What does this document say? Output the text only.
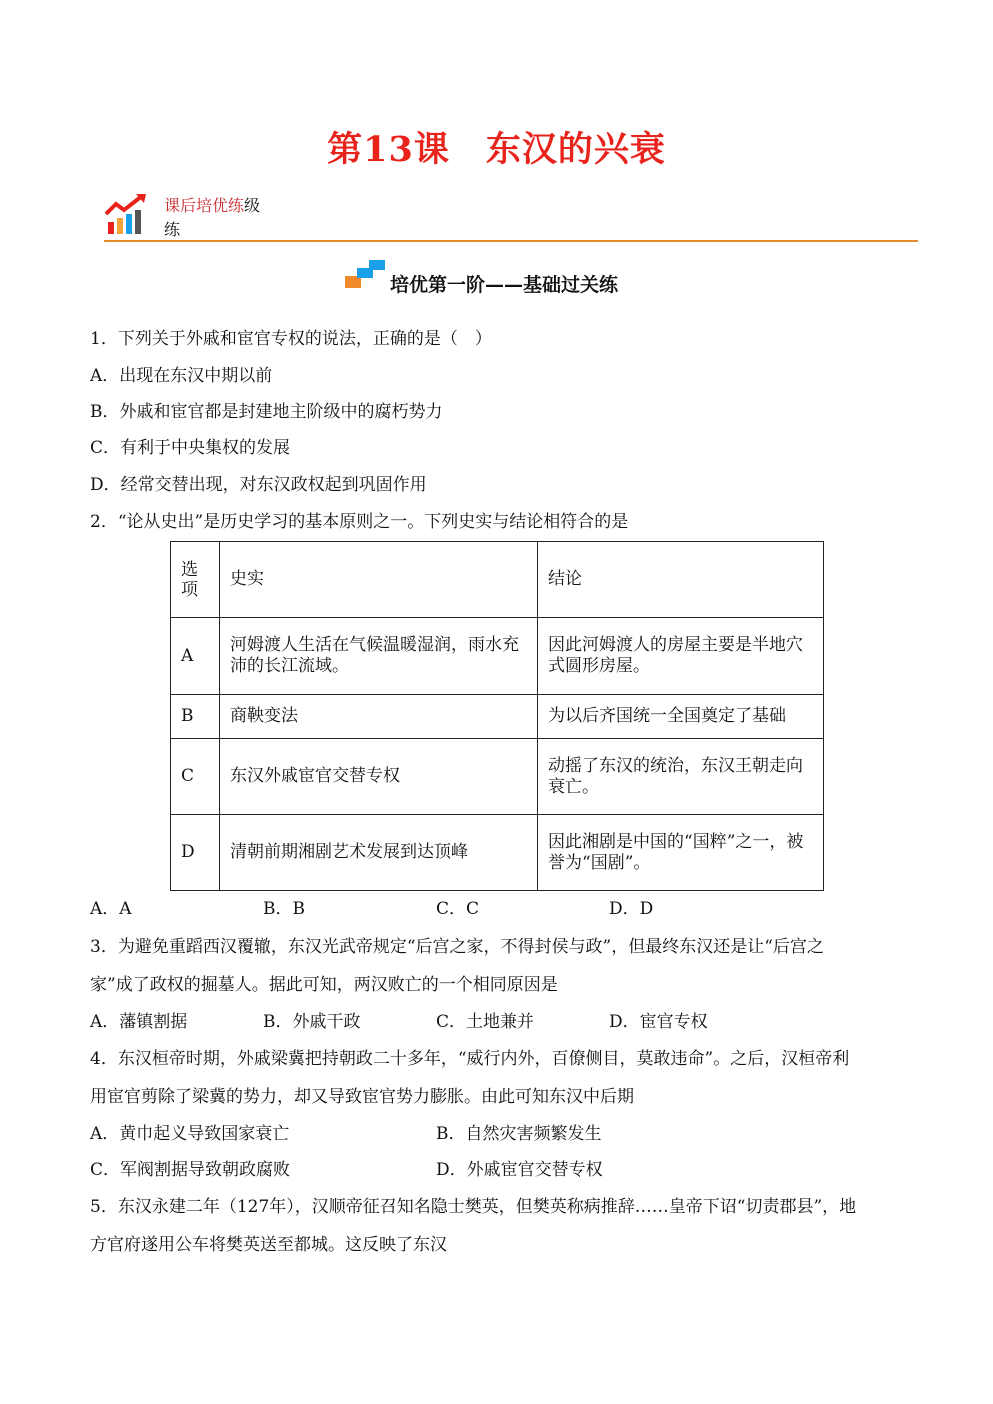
第13课　东汉的兴衰
课后培优练级
练
培优第一阶——基础过关练
1．下列关于外戚和宦官专权的说法，正确的是（　）
A．出现在东汉中期以前
B．外戚和宦官都是封建地主阶级中的腐朽势力
C．有利于中央集权的发展
D．经常交替出现，对东汉政权起到巩固作用
2．“论从史出”是历史学习的基本原则之一。下列史实与结论相符合的是
选项	史实	结论
A	河姆渡人生活在气候温暖湿润，雨水充沛的长江流域。	因此河姆渡人的房屋主要是半地穴式圆形房屋。
B	商鞅变法	为以后齐国统一全国奠定了基础
C	东汉外戚宦官交替专权	动摇了东汉的统治，东汉王朝走向衰亡。
D	清朝前期湘剧艺术发展到达顶峰	因此湘剧是中国的“国粹”之一，被誉为“国剧”。
A．A	B．B	C．C	D．D
3．为避免重蹈西汉覆辙，东汉光武帝规定“后宫之家，不得封侯与政”，但最终东汉还是让“后宫之
家”成了政权的掘墓人。据此可知，两汉败亡的一个相同原因是
A．藩镇割据	B．外戚干政	C．土地兼并	D．宦官专权
4．东汉桓帝时期，外戚梁冀把持朝政二十多年，“威行内外，百僚侧目，莫敢违命”。之后，汉桓帝利
用宦官剪除了梁冀的势力，却又导致宦官势力膨胀。由此可知东汉中后期
A．黄巾起义导致国家衰亡	B．自然灾害频繁发生
C．军阀割据导致朝政腐败	D．外戚宦官交替专权
5．东汉永建二年（127年），汉顺帝征召知名隐士樊英，但樊英称病推辞……皇帝下诏“切责郡县”，地
方官府遂用公车将樊英送至都城。这反映了东汉
